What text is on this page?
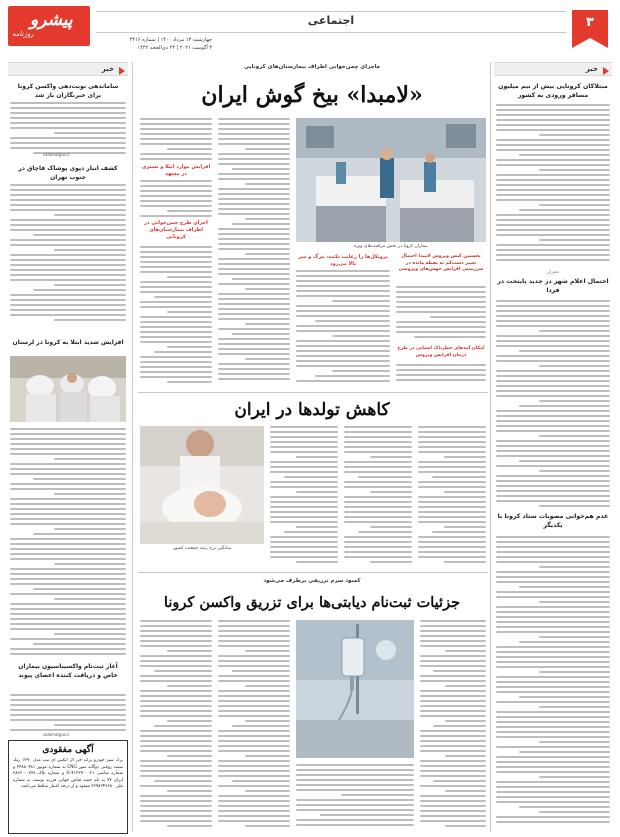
۳
اجتماعی
پیشرو
روزنامه
چهارشنبه ۱۳ مرداد ۱۴۰۰ | شماره ۴۴۱۶
۴ آگوست ۲۰۲۱ | ۲۴ ذی‌الحجه ۱۴۴۲
خبر
مبتلاکان کرونایی بیش از نیم میلیون مسافر ورودی به کشور
عمران
احتمال اعلام شهر در جدید پایتخت در فردا
عدم هم‌خوانی مصوبات ستاد کرونا با یکدیگر
خبر
ساماندهی نوبت‌دهی واکسن کرونا برای خبرنگاران باز شد
salamatgov.ir
کشف انبار دپوی پوشاک قاچاق در جنوب تهران
افزایش شدید ابتلا به کرونا در لرستان
آغاز ثبت‌نام واکسیناسیون بیماران خاص و دریافت کننده اعضای پیوند
salamatgov.ir
آگهی مفقودی
برگ سبز خودرو پراید جی ال ایکس آی تیپ مدل ۱۳۹۰ رنگ سفید روغنی دوگانه سوز CNG به شماره موتور ۴۴۸۸۰۴۸۱ و شماره شاسی S۱۴۱۲۲۹۰۰۰۲۱ و شماره پلاک ۷۷۷ - ۲۸۶۶ ایران ۷۷ به نام حمید قیاض جهانی فرزند یوسف به شماره ملی ۲۳۹۸۲۴۷۶۸۰ مفقود و از درجه اعتبار ساقط می‌باشد.
ماجرای چمن‌خوابی اطراف بیمارستان‌های کرونایی
«لامبدا» بیخ گوش ایران
بیماران کرونا در بخش مراقبت‌های ویژه
افزایش موارد ابتلا و بستری در مشهد
اجرای طرح چمن‌خوابی در اطراف بیمارستان‌های کرونایی
پروتکل‌ها را رعایت نکنید، مرگ و میر بالا می‌رود
نخستین کیس ویروس لامبدا احتمال تغییر دست‌کم نه نقطه مانده در سرزمینی افزایش جهش‌های ویروسی
امکان آمد‌های خطرناک استانی در طرح درمان افزایش ویروس
کاهش تولدها در ایران
میانگین نرخ رشد جمعیت کشور
کمبود سرم تزریقی برطرف می‌شود
جزئیات ثبت‌نام دیابتی‌ها برای تزریق واکسن کرونا
